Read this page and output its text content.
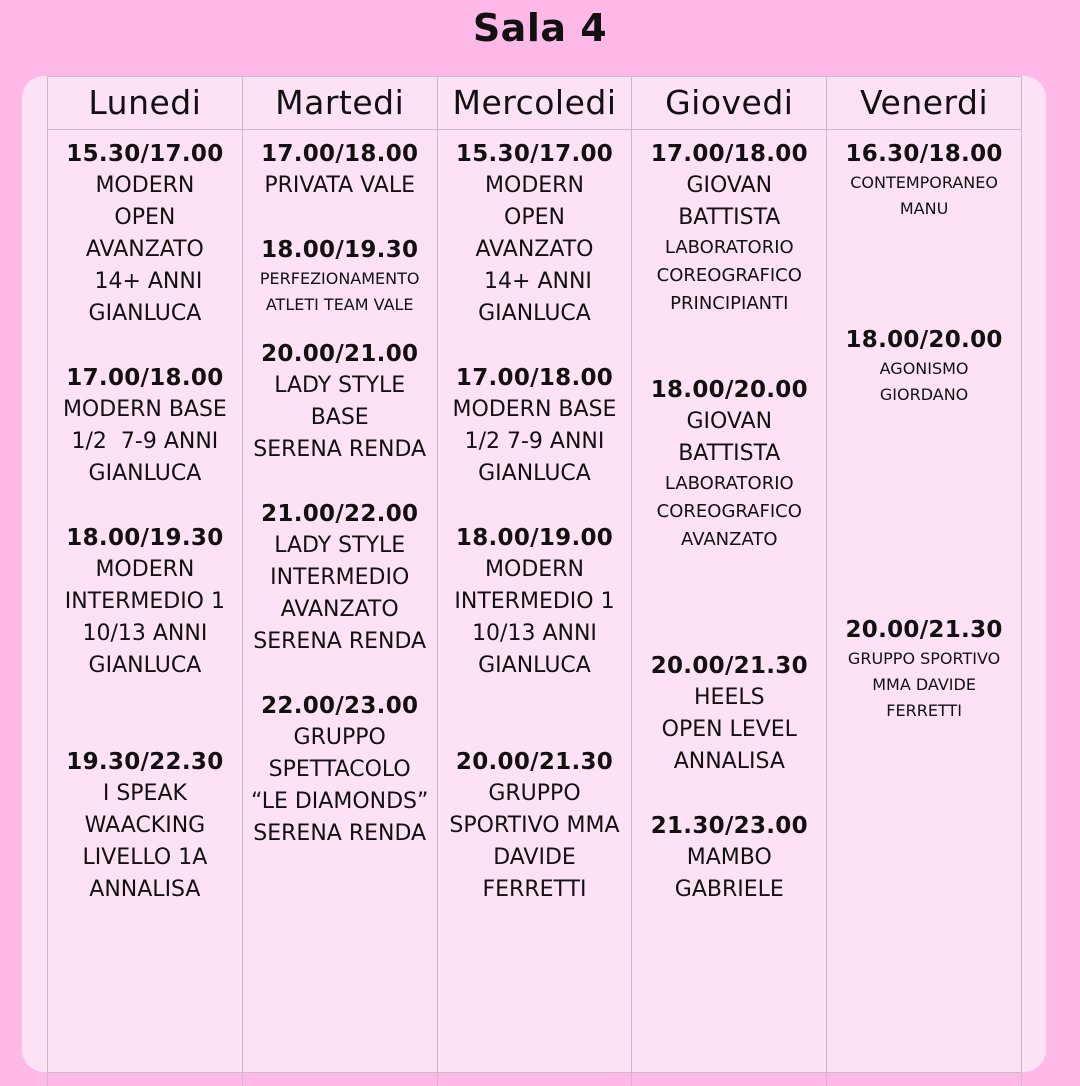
Sala 4
Lunedi
15.30/17.00
MODERN
OPEN
AVANZATO
14+ ANNI
GIANLUCA
17.00/18.00
MODERN BASE
1/2  7-9 ANNI
GIANLUCA
18.00/19.30
MODERN
INTERMEDIO 1
10/13 ANNI
GIANLUCA
19.30/22.30
I SPEAK
WAACKING
LIVELLO 1A
ANNALISA
Martedi
17.00/18.00
PRIVATA VALE
18.00/19.30
PERFEZIONAMENTO
ATLETI TEAM VALE
20.00/21.00
LADY STYLE
BASE
SERENA RENDA
21.00/22.00
LADY STYLE
INTERMEDIO
AVANZATO
SERENA RENDA
22.00/23.00
GRUPPO
SPETTACOLO
“LE DIAMONDS”
SERENA RENDA
Mercoledi
15.30/17.00
MODERN
OPEN
AVANZATO
14+ ANNI
GIANLUCA
17.00/18.00
MODERN BASE
1/2 7-9 ANNI
GIANLUCA
18.00/19.00
MODERN
INTERMEDIO 1
10/13 ANNI
GIANLUCA
20.00/21.30
GRUPPO
SPORTIVO MMA
DAVIDE
FERRETTI
Giovedi
17.00/18.00
GIOVAN
BATTISTA
LABORATORIO
COREOGRAFICO
PRINCIPIANTI
18.00/20.00
GIOVAN
BATTISTA
LABORATORIO
COREOGRAFICO
AVANZATO
20.00/21.30
HEELS
OPEN LEVEL
ANNALISA
21.30/23.00
MAMBO
GABRIELE
Venerdi
16.30/18.00
CONTEMPORANEO
MANU
18.00/20.00
AGONISMO
GIORDANO
20.00/21.30
GRUPPO SPORTIVO
MMA DAVIDE
FERRETTI
